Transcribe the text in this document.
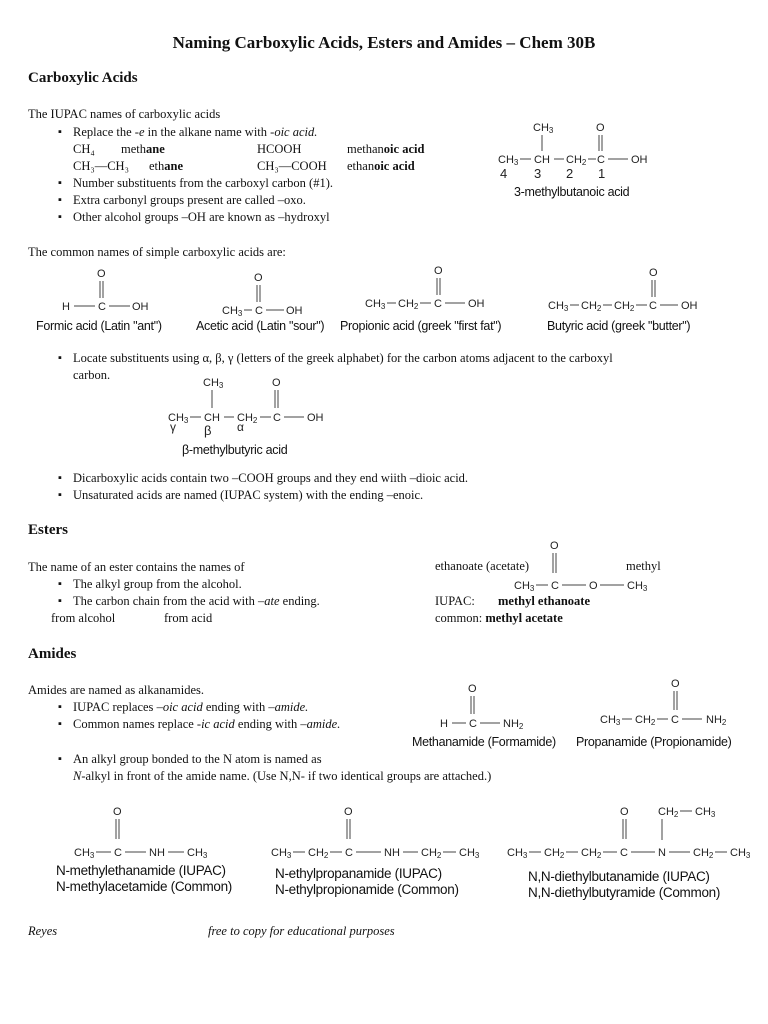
Naming Carboxylic Acids, Esters and Amides – Chem 30B
Carboxylic Acids
The IUPAC names of carboxylic acids
▪ Replace the -e in the alkane name with -oic acid.
CH₄ methane	HCOOH	methanoic acid
CH₃—CH₃ ethane	CH₃—COOH ethanoic acid
▪ Number substituents from the carboxyl carbon (#1).
▪ Extra carbonyl groups present are called –oxo.
▪ Other alcohol groups –OH are known as –hydroxyl
CH3	O
CH3 CH CH2 C OH
4 3 2 1
3-methylbutanoic acid
The common names of simple carboxylic acids are:
O
H	C OH
Formic acid (Latin "ant")
O
CH3 C OH
Acetic acid (Latin "sour")
O
CH3 CH2 C OH
Propionic acid (greek "first fat")
O
CH3 CH2 CH2 C OH
Butyric acid (greek "butter")
▪ Locate substituents using α, β, γ (letters of the greek alphabet) for the carbon atoms adjacent to the carboxyl
carbon.
CH3	O
CH3 CH CH2 C OH
γ β α
β-methylbutyric acid
▪ Dicarboxylic acids contain two –COOH groups and they end wiith –dioic acid.
▪ Unsaturated acids are named (IUPAC system) with the ending –enoic.
Esters
The name of an ester contains the names of
▪ The alkyl group from the alcohol.
▪ The carbon chain from the acid with –ate ending.
from alcohol	from acid
ethanoate (acetate)	methyl
O
CH3 C	O	CH3
IUPAC: methyl ethanoate
common: methyl acetate
Amides
Amides are named as alkanamides.
▪ IUPAC replaces –oic acid ending with –amide.
▪ Common names replace -ic acid ending with –amide.
O
H C NH2
Methanamide (Formamide)
O
CH3 CH2 C NH2
Propanamide (Propionamide)
▪ An alkyl group bonded to the N atom is named as
N-alkyl in front of the amide name. (Use N,N- if two identical groups are attached.)
O
CH3 C NH CH3
N-methylethanamide (IUPAC)
N-methylacetamide (Common)
O
CH3 CH2 C	NH CH2 CH3
N-ethylpropanamide (IUPAC)
N-ethylpropionamide (Common)
O	CH2 CH3
CH3 CH2 CH2 C	N CH2 CH3
N,N-diethylbutanamide (IUPAC)
N,N-diethylbutyramide (Common)
Reyes	free to copy for educational purposes
